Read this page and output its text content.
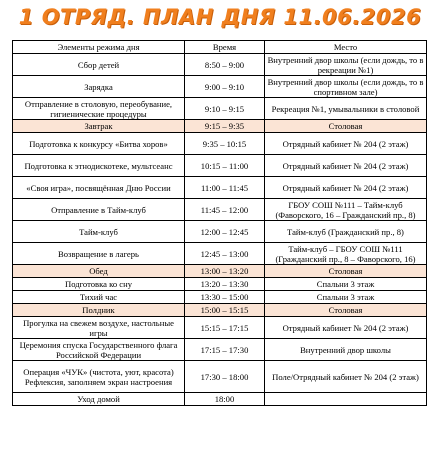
1 ОТРЯД. ПЛАН ДНЯ 11.06.2026
Элементы режима дня	Время	Место
Сбор детей	8:50 – 9:00	Внутренний двор школы (если дождь, то в рекреации №1)
Зарядка	9:00 – 9:10	Внутренний двор школы (если дождь, то в спортивном зале)
Отправление в столовую, переобувание, гигиенические процедуры	9:10 – 9:15	Рекреация №1, умывальники в столовой
Завтрак	9:15 – 9:35	Столовая
Подготовка к конкурсу «Битва хоров»	9:35 – 10:15	Отрядный кабинет № 204 (2 этаж)
Подготовка к этнодискотеке, мультсеанс	10:15 – 11:00	Отрядный кабинет № 204 (2 этаж)
«Своя игра», посвящённая Дню России	11:00 – 11:45	Отрядный кабинет № 204 (2 этаж)
Отправление в Тайм-клуб	11:45 – 12:00	ГБОУ СОШ №111 – Тайм-клуб (Фаворского, 16 – Гражданский пр., 8)
Тайм-клуб	12:00 – 12:45	Тайм-клуб (Гражданский пр., 8)
Возвращение в лагерь	12:45 – 13:00	Тайм-клуб – ГБОУ СОШ №111 (Гражданский пр., 8 – Фаворского, 16)
Обед	13:00 – 13:20	Столовая
Подготовка ко сну	13:20 – 13:30	Спальни 3 этаж
Тихий час	13:30 – 15:00	Спальни 3 этаж
Полдник	15:00 – 15:15	Столовая
Прогулка на свежем воздухе, настольные игры	15:15 – 17:15	Отрядный кабинет № 204 (2 этаж)
Церемония спуска Государственного флага Российской Федерации	17:15 – 17:30	Внутренний двор школы
Операция «ЧУК» (чистота, уют, красота) Рефлексия, заполняем экран настроения	17:30 – 18:00	Поле/Отрядный кабинет № 204 (2 этаж)
Уход домой	18:00	
